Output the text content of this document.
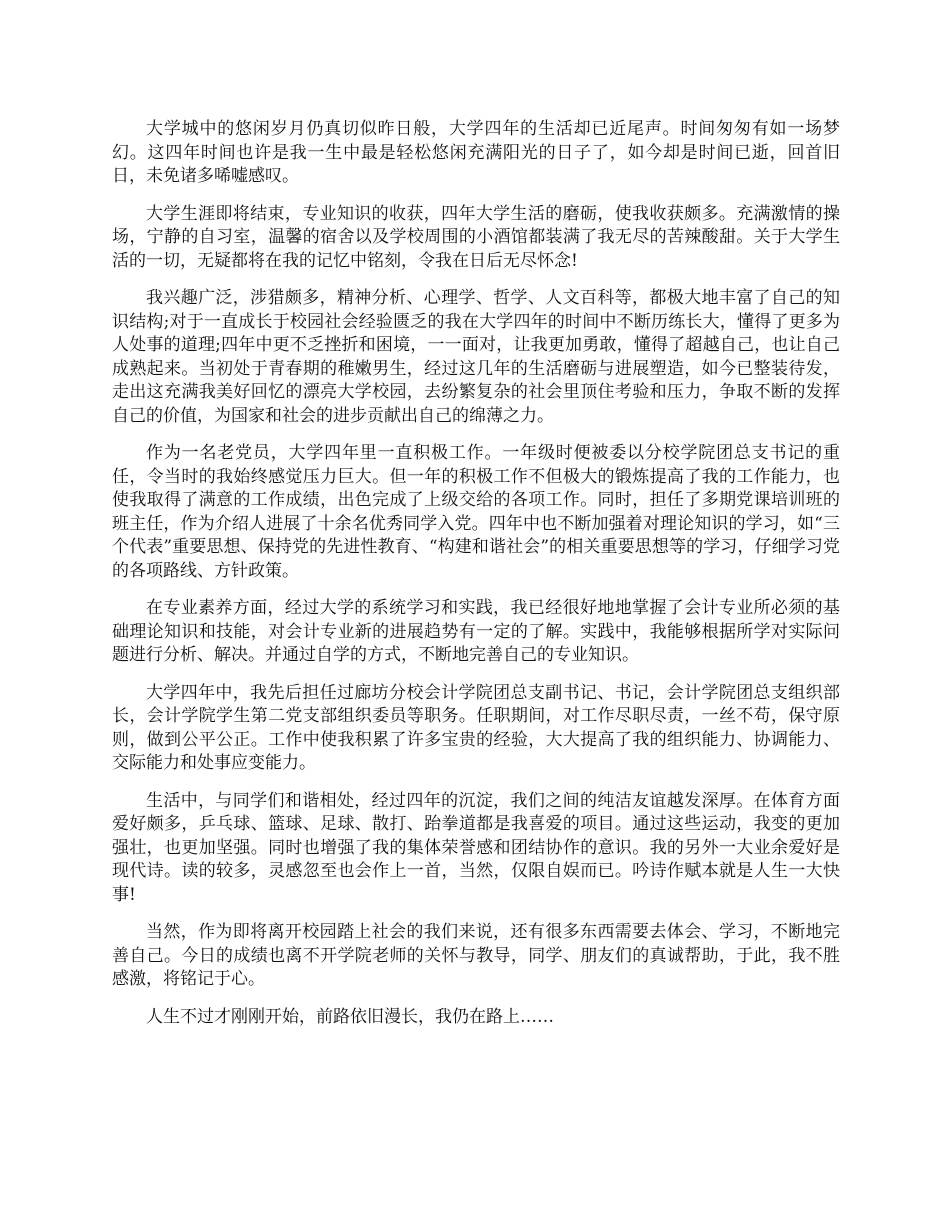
大学城中的悠闲岁月仍真切似昨日般，大学四年的生活却已近尾声。时间匆匆有如一场梦幻。这四年时间也许是我一生中最是轻松悠闲充满阳光的日子了，如今却是时间已逝，回首旧日，未免诸多唏嘘感叹。

大学生涯即将结束，专业知识的收获，四年大学生活的磨砺，使我收获颇多。充满激情的操场，宁静的自习室，温馨的宿舍以及学校周围的小酒馆都装满了我无尽的苦辣酸甜。关于大学生活的一切，无疑都将在我的记忆中铭刻，令我在日后无尽怀念!

我兴趣广泛，涉猎颇多，精神分析、心理学、哲学、人文百科等，都极大地丰富了自己的知识结构;对于一直成长于校园社会经验匮乏的我在大学四年的时间中不断历练长大，懂得了更多为人处事的道理;四年中更不乏挫折和困境，一一面对，让我更加勇敢，懂得了超越自己，也让自己成熟起来。当初处于青春期的稚嫩男生，经过这几年的生活磨砺与进展塑造，如今已整装待发，走出这充满我美好回忆的漂亮大学校园，去纷繁复杂的社会里顶住考验和压力，争取不断的发挥自己的价值，为国家和社会的进步贡献出自己的绵薄之力。

作为一名老党员，大学四年里一直积极工作。一年级时便被委以分校学院团总支书记的重任，令当时的我始终感觉压力巨大。但一年的积极工作不但极大的锻炼提高了我的工作能力，也使我取得了满意的工作成绩，出色完成了上级交给的各项工作。同时，担任了多期党课培训班的班主任，作为介绍人进展了十余名优秀同学入党。四年中也不断加强着对理论知识的学习，如“三个代表”重要思想、保持党的先进性教育、“构建和谐社会”的相关重要思想等的学习，仔细学习党的各项路线、方针政策。

在专业素养方面，经过大学的系统学习和实践，我已经很好地地掌握了会计专业所必须的基础理论知识和技能，对会计专业新的进展趋势有一定的了解。实践中，我能够根据所学对实际问题进行分析、解决。并通过自学的方式，不断地完善自己的专业知识。

大学四年中，我先后担任过廊坊分校会计学院团总支副书记、书记，会计学院团总支组织部长，会计学院学生第二党支部组织委员等职务。任职期间，对工作尽职尽责，一丝不苟，保守原则，做到公平公正。工作中使我积累了许多宝贵的经验，大大提高了我的组织能力、协调能力、交际能力和处事应变能力。

生活中，与同学们和谐相处，经过四年的沉淀，我们之间的纯洁友谊越发深厚。在体育方面爱好颇多，乒乓球、篮球、足球、散打、跆拳道都是我喜爱的项目。通过这些运动，我变的更加强壮，也更加坚强。同时也增强了我的集体荣誉感和团结协作的意识。我的另外一大业余爱好是现代诗。读的较多，灵感忽至也会作上一首，当然，仅限自娱而已。吟诗作赋本就是人生一大快事!

当然，作为即将离开校园踏上社会的我们来说，还有很多东西需要去体会、学习，不断地完善自己。今日的成绩也离不开学院老师的关怀与教导，同学、朋友们的真诚帮助，于此，我不胜感激，将铭记于心。

人生不过才刚刚开始，前路依旧漫长，我仍在路上……
